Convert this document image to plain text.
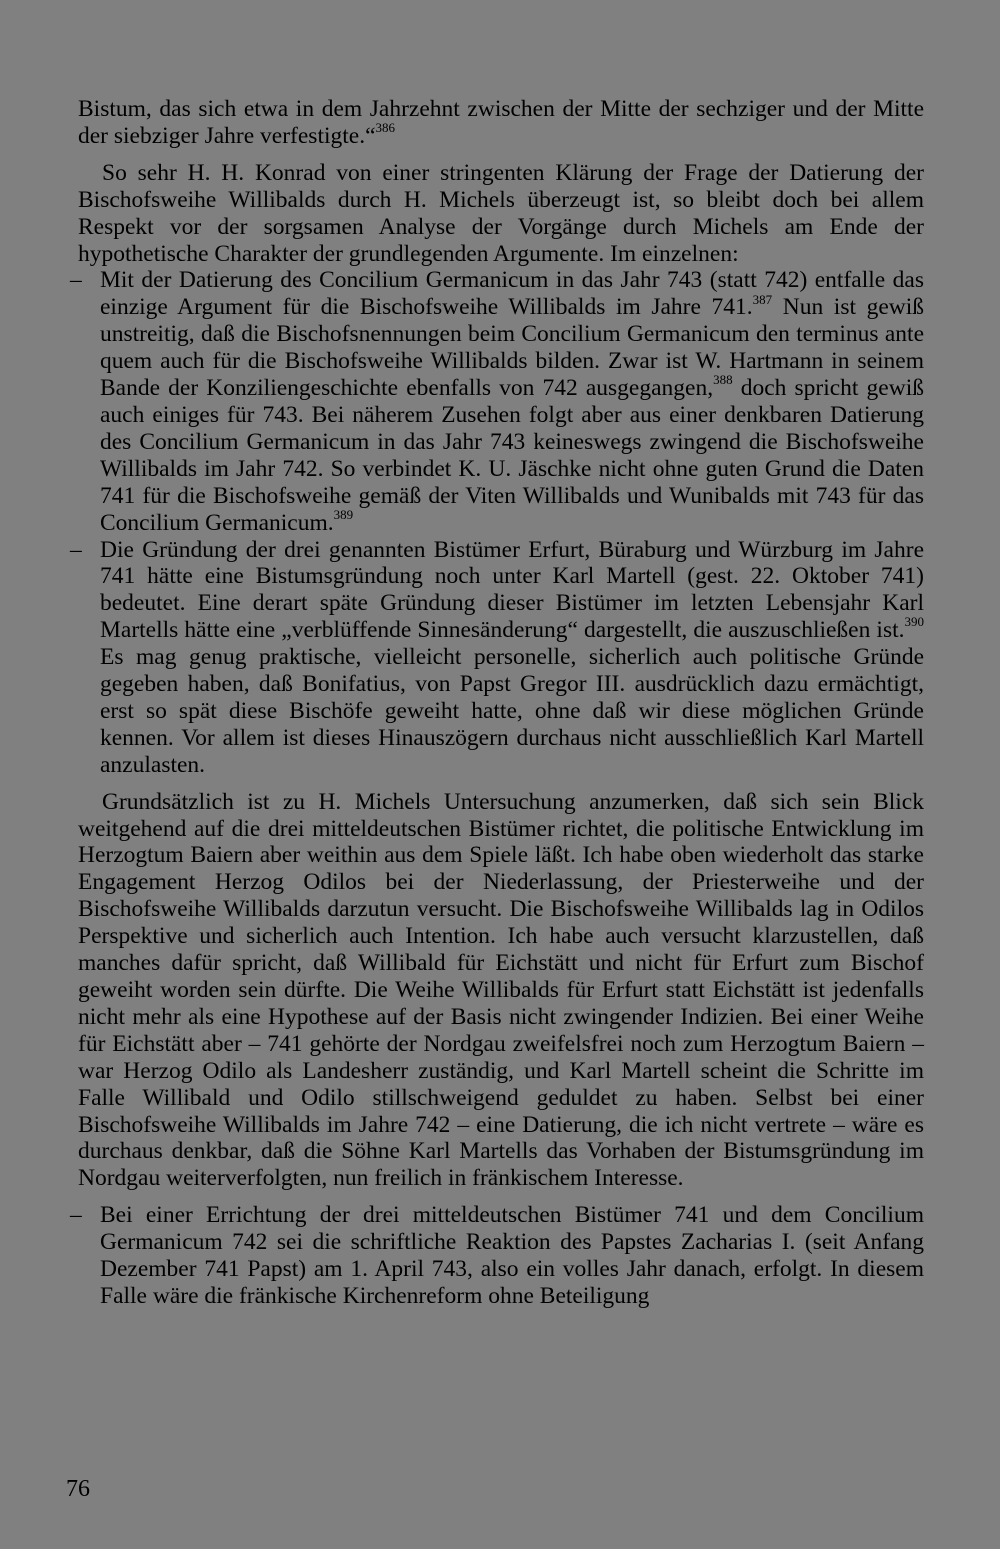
Bistum, das sich etwa in dem Jahrzehnt zwischen der Mitte der sechziger und der Mitte der siebziger Jahre verfestigte.“$^{386}$

So sehr H. H. Konrad von einer stringenten Klärung der Frage der Datierung der Bischofsweihe Willibalds durch H. Michels überzeugt ist, so bleibt doch bei allem Respekt vor der sorgsamen Analyse der Vorgänge durch Michels am Ende der hypothetische Charakter der grundlegenden Argumente. Im einzelnen:

– Mit der Datierung des Concilium Germanicum in das Jahr 743 (statt 742) entfalle das einzige Argument für die Bischofsweihe Willibalds im Jahre 741.$^{387}$ Nun ist gewiß unstreitig, daß die Bischofsnennungen beim Concilium Germanicum den terminus ante quem auch für die Bischofsweihe Willibalds bilden. Zwar ist W. Hartmann in seinem Bande der Konziliengeschichte ebenfalls von 742 ausgegangen,$^{388}$ doch spricht gewiß auch einiges für 743. Bei näherem Zusehen folgt aber aus einer denkbaren Datierung des Concilium Germanicum in das Jahr 743 keineswegs zwingend die Bischofsweihe Willibalds im Jahr 742. So verbindet K. U. Jäschke nicht ohne guten Grund die Daten 741 für die Bischofsweihe gemäß der Viten Willibalds und Wunibalds mit 743 für das Concilium Germanicum.$^{389}$

– Die Gründung der drei genannten Bistümer Erfurt, Büraburg und Würzburg im Jahre 741 hätte eine Bistumsgründung noch unter Karl Martell (gest. 22. Oktober 741) bedeutet. Eine derart späte Gründung dieser Bistümer im letzten Lebensjahr Karl Martells hätte eine „verblüffende Sinnesänderung“ dargestellt, die auszuschließen ist.$^{390}$ Es mag genug praktische, vielleicht personelle, sicherlich auch politische Gründe gegeben haben, daß Bonifatius, von Papst Gregor III. ausdrücklich dazu ermächtigt, erst so spät diese Bischöfe geweiht hatte, ohne daß wir diese möglichen Gründe kennen. Vor allem ist dieses Hinauszögern durchaus nicht ausschließlich Karl Martell anzulasten.

Grundsätzlich ist zu H. Michels Untersuchung anzumerken, daß sich sein Blick weitgehend auf die drei mitteldeutschen Bistümer richtet, die politische Entwicklung im Herzogtum Baiern aber weithin aus dem Spiele läßt. Ich habe oben wiederholt das starke Engagement Herzog Odilos bei der Niederlassung, der Priesterweihe und der Bischofsweihe Willibalds darzutun versucht. Die Bischofsweihe Willibalds lag in Odilos Perspektive und sicherlich auch Intention. Ich habe auch versucht klarzustellen, daß manches dafür spricht, daß Willibald für Eichstätt und nicht für Erfurt zum Bischof geweiht worden sein dürfte. Die Weihe Willibalds für Erfurt statt Eichstätt ist jedenfalls nicht mehr als eine Hypothese auf der Basis nicht zwingender Indizien. Bei einer Weihe für Eichstätt aber – 741 gehörte der Nordgau zweifelsfrei noch zum Herzogtum Baiern – war Herzog Odilo als Landesherr zuständig, und Karl Martell scheint die Schritte im Falle Willibald und Odilo stillschweigend geduldet zu haben. Selbst bei einer Bischofsweihe Willibalds im Jahre 742 – eine Datierung, die ich nicht vertrete – wäre es durchaus denkbar, daß die Söhne Karl Martells das Vorhaben der Bistumsgründung im Nordgau weiterverfolgten, nun freilich in fränkischem Interesse.

– Bei einer Errichtung der drei mitteldeutschen Bistümer 741 und dem Concilium Germanicum 742 sei die schriftliche Reaktion des Papstes Zacharias I. (seit Anfang Dezember 741 Papst) am 1. April 743, also ein volles Jahr danach, erfolgt. In diesem Falle wäre die fränkische Kirchenreform ohne Beteiligung

76
